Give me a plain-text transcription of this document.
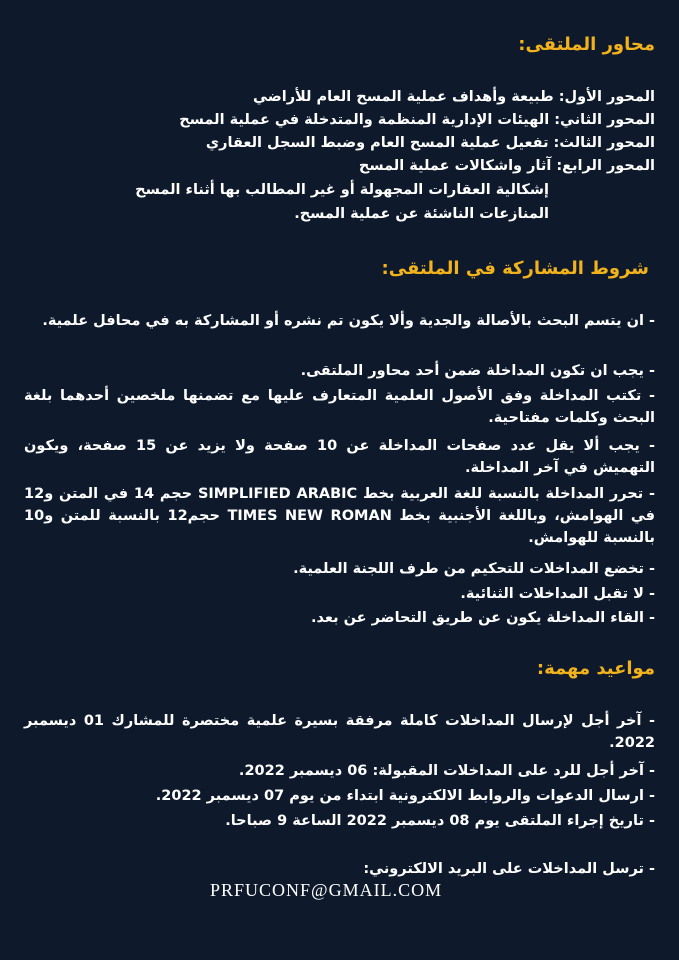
محاور الملتقى:
المحور الأول: طبيعة وأهداف عملية المسح العام للأراضي
المحور الثاني: الهيئات الإدارية المنظمة والمتدخلة في عملية المسح
المحور الثالث: تفعيل عملية المسح العام وضبط السجل العقاري
المحور الرابع: آثار واشكالات عملية المسح
إشكالية العقارات المجهولة أو غير المطالب بها أثناء المسح
المنازعات الناشئة عن عملية المسح.
شروط المشاركة في الملتقى:
- ان يتسم البحث بالأصالة والجدية وألا يكون تم نشره أو المشاركة به في محافل علمية.
- يجب ان تكون المداخلة ضمن أحد محاور الملتقى.
- تكتب المداخلة وفق الأصول العلمية المتعارف عليها مع تضمنها ملخصين أحدهما بلغة البحث وكلمات مفتاحية.
- يجب ألا يقل عدد صفحات المداخلة عن 10 صفحة ولا يزيد عن 15 صفحة، ويكون التهميش في آخر المداخلة.
- تحرر المداخلة بالنسبة للغة العربية بخط SIMPLIFIED ARABIC حجم 14 في المتن و12 في الهوامش، وباللغة الأجنبية بخط TIMES NEW ROMAN حجم12 بالنسبة للمتن و10 بالنسبة للهوامش.
- تخضع المداخلات للتحكيم من طرف اللجنة العلمية.
- لا تقبل المداخلات الثنائية.
- القاء المداخلة يكون عن طريق التحاضر عن بعد.
مواعيد مهمة:
- آخر أجل لإرسال المداخلات كاملة مرفقة بسيرة علمية مختصرة للمشارك 01 ديسمبر 2022.
- آخر أجل للرد على المداخلات المقبولة: 06 ديسمبر 2022.
- ارسال الدعوات والروابط الالكترونية ابتداء من يوم 07 ديسمبر 2022.
- تاريخ إجراء الملتقى يوم 08 ديسمبر 2022 الساعة 9 صباحا.
- ترسل المداخلات على البريد الالكتروني:
PRFUCONF@GMAIL.COM
